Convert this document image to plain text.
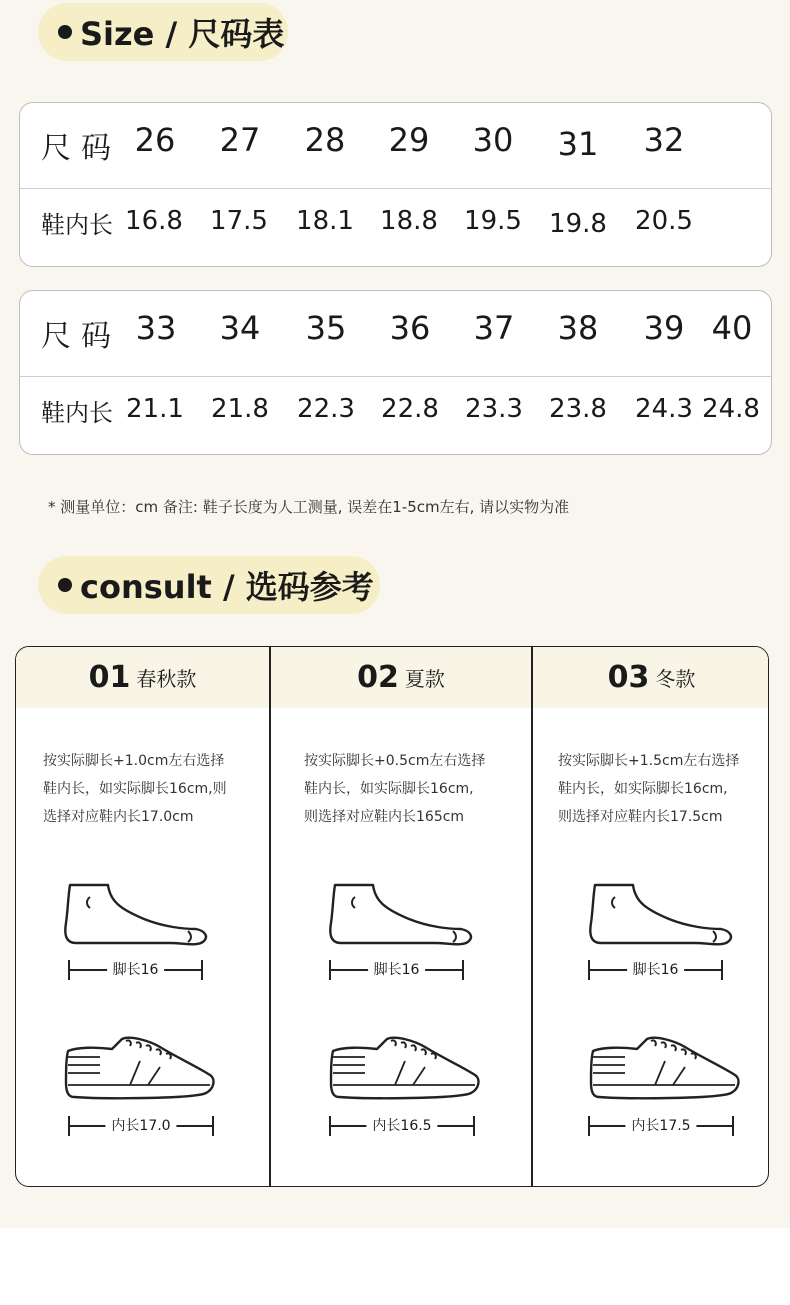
Size / 尺码表
尺码
鞋内长
26 27 28 29 30 31 32
16.8 17.5 18.1 18.8 19.5 19.8 20.5
尺码
鞋内长
33 34 35 36 37 38 39 40
21.1 21.8 22.3 22.8 23.3 23.8 24.3 24.8
* 测量单位：cm 备注: 鞋子长度为人工测量, 误差在1-5cm左右, 请以实物为准
consult / 选码参考
01 春秋款
按实际脚长+1.0cm左右选择
鞋内长，如实际脚长16cm,则
选择对应鞋内长17.0cm
脚长16
内长17.0
02 夏款
按实际脚长+0.5cm左右选择
鞋内长，如实际脚长16cm,
则选择对应鞋内长165cm
脚长16
内长16.5
03 冬款
按实际脚长+1.5cm左右选择
鞋内长，如实际脚长16cm,
则选择对应鞋内长17.5cm
脚长16
内长17.5
